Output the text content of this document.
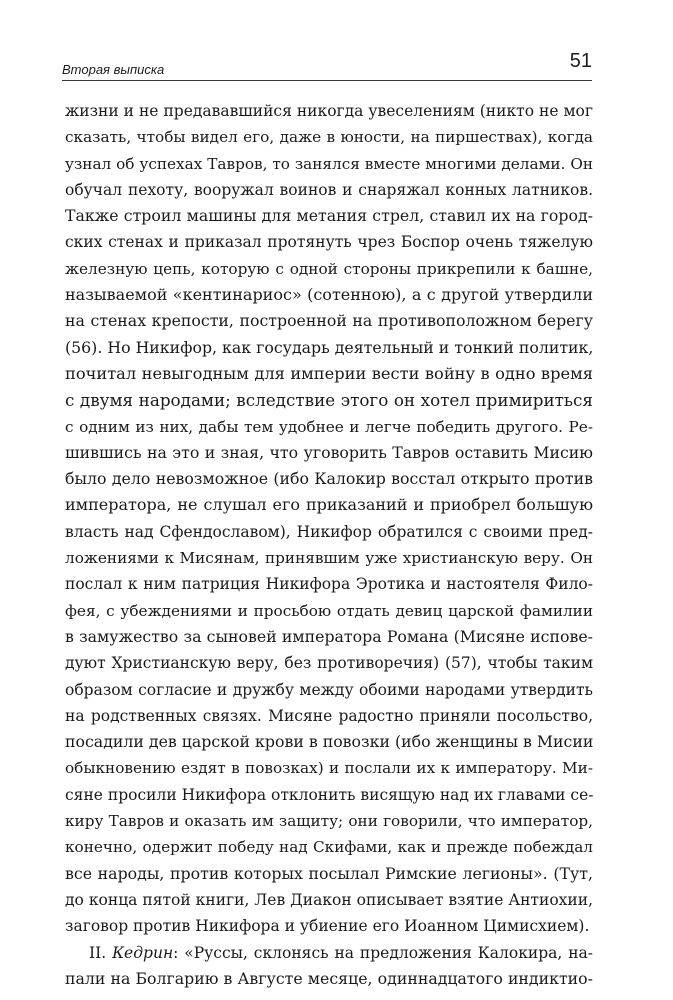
Вторая выписка	51
жизни и не предававшийся никогда увеселениям (никто не мог
сказать, чтобы видел его, даже в юности, на пиршествах), когда
узнал об успехах Тавров, то занялся вместе многими делами. Он
обучал пехоту, вооружал воинов и снаряжал конных латников.
Также строил машины для метания стрел, ставил их на город-
ских стенах и приказал протянуть чрез Боспор очень тяжелую
железную цепь, которую с одной стороны прикрепили к башне,
называемой «кентинариос» (сотенною), а с другой утвердили
на стенах крепости, построенной на противоположном берегу
(56). Но Никифор, как государь деятельный и тонкий политик,
почитал невыгодным для империи вести войну в одно время
с двумя народами; вследствие этого он хотел примириться
с одним из них, дабы тем удобнее и легче победить другого. Ре-
шившись на это и зная, что уговорить Тавров оставить Мисию
было дело невозможное (ибо Калокир восстал открыто против
императора, не слушал его приказаний и приобрел большую
власть над Сфендославом), Никифор обратился с своими пред-
ложениями к Мисянам, принявшим уже христианскую веру. Он
послал к ним патриция Никифора Эротика и настоятеля Фило-
фея, с убеждениями и просьбою отдать девиц царской фамилии
в замужество за сыновей императора Романа (Мисяне испове-
дуют Христианскую веру, без противоречия) (57), чтобы таким
образом согласие и дружбу между обоими народами утвердить
на родственных связях. Мисяне радостно приняли посольство,
посадили дев царской крови в повозки (ибо женщины в Мисии
обыкновению ездят в повозках) и послали их к императору. Ми-
сяне просили Никифора отклонить висящую над их главами се-
киру Тавров и оказать им защиту; они говорили, что император,
конечно, одержит победу над Скифами, как и прежде побеждал
все народы, против которых посылал Римские легионы». (Тут,
до конца пятой книги, Лев Диакон описывает взятие Антиохии,
заговор против Никифора и убиение его Иоанном Цимисхием).
II. Кедрин: «Руссы, склонясь на предложения Калокира, на-
пали на Болгарию в Августе месяце, одиннадцатого индиктио-
